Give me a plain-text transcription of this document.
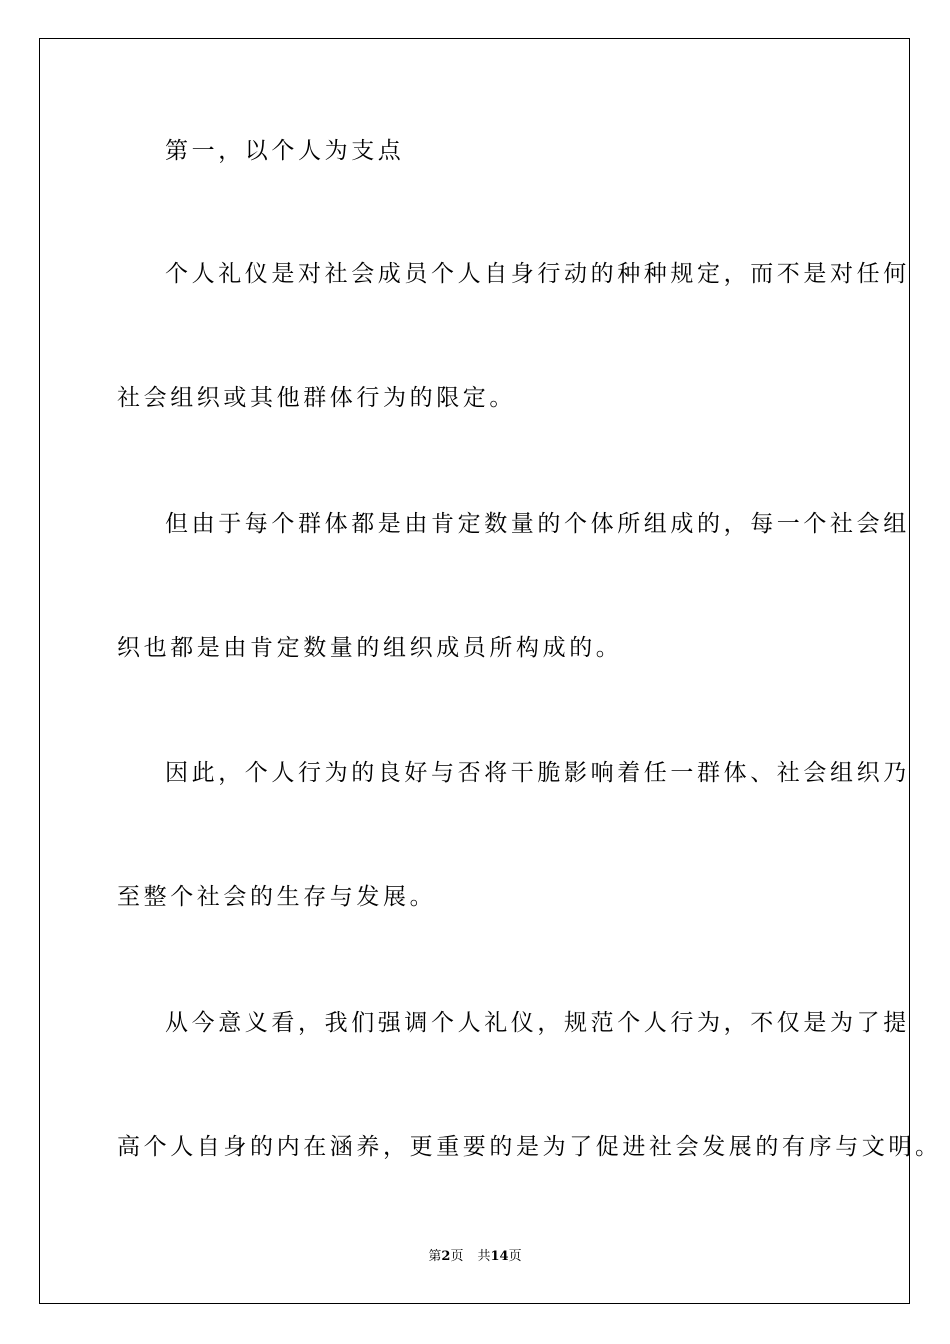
第一，以个人为支点
个人礼仪是对社会成员个人自身行动的种种规定，而不是对任何
社会组织或其他群体行为的限定。
但由于每个群体都是由肯定数量的个体所组成的，每一个社会组
织也都是由肯定数量的组织成员所构成的。
因此，个人行为的良好与否将干脆影响着任一群体、社会组织乃
至整个社会的生存与发展。
从今意义看，我们强调个人礼仪，规范个人行为，不仅是为了提
高个人自身的内在涵养，更重要的是为了促进社会发展的有序与文明。
第2页 共14页
